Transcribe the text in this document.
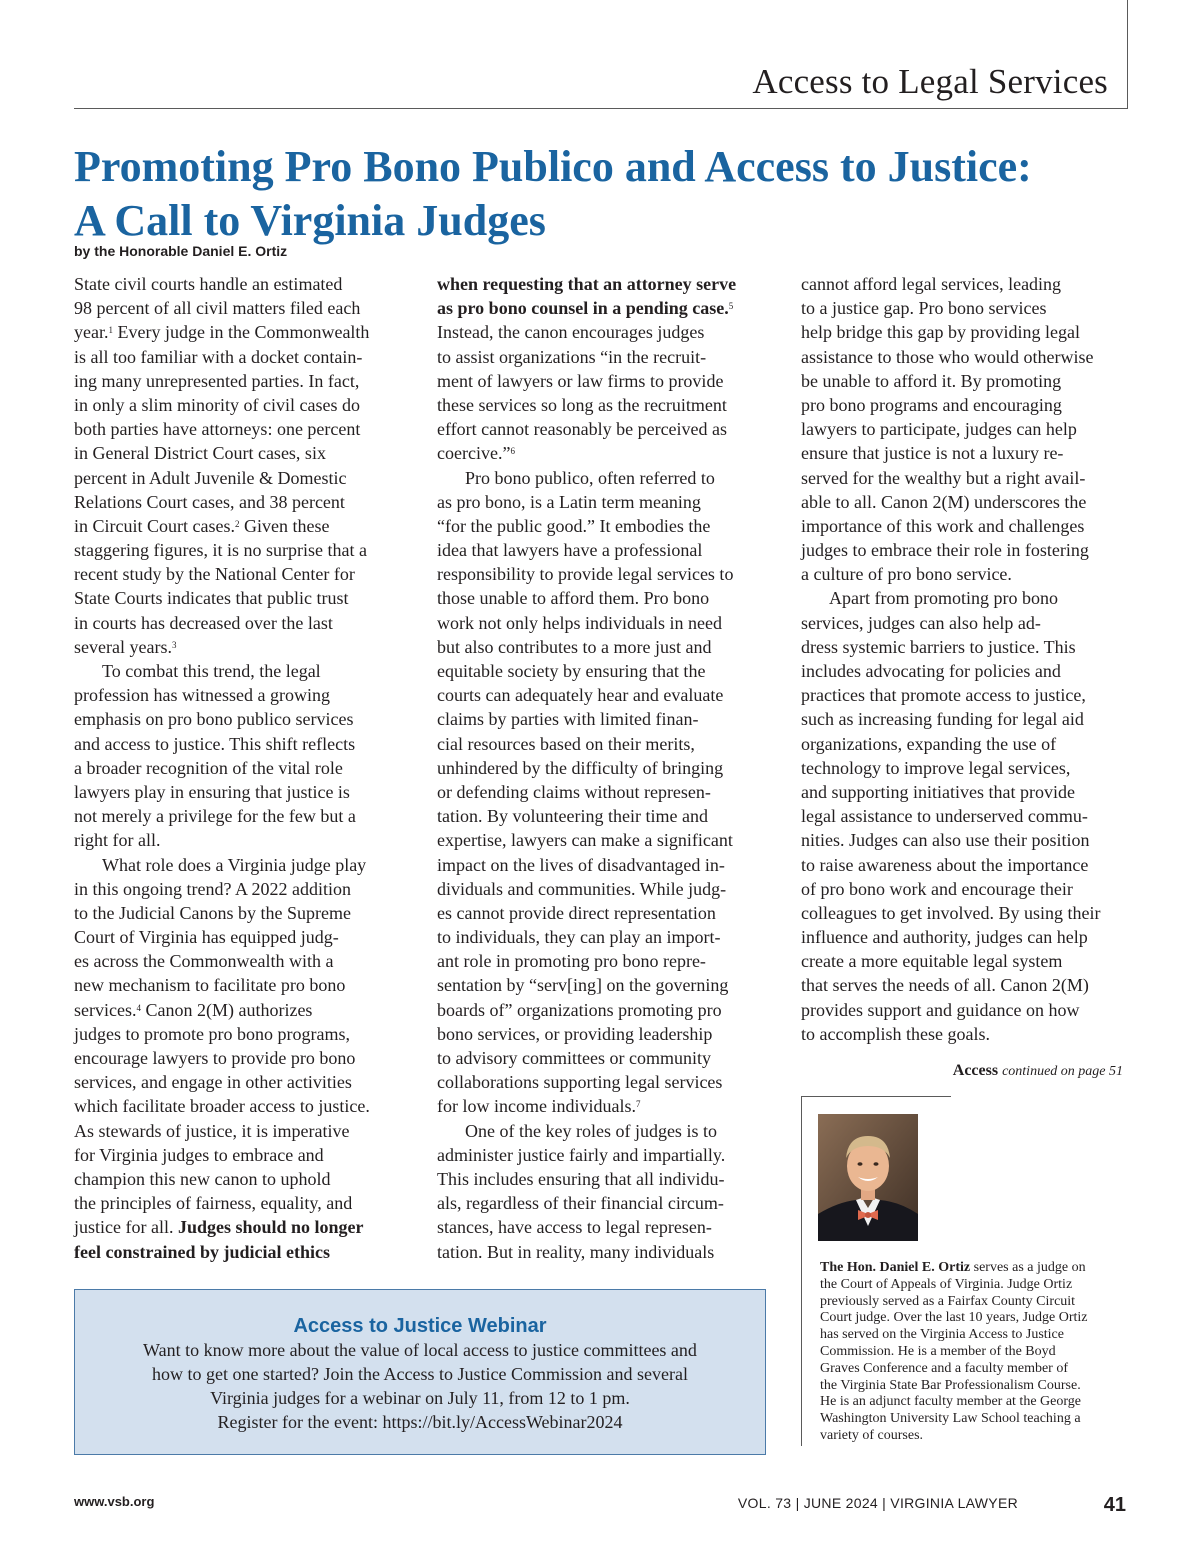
Access to Legal Services
Promoting Pro Bono Publico and Access to Justice:
A Call to Virginia Judges
by the Honorable Daniel E. Ortiz
State civil courts handle an estimated
98 percent of all civil matters filed each
year.$^1$ Every judge in the Commonwealth
is all too familiar with a docket contain-
ing many unrepresented parties. In fact,
in only a slim minority of civil cases do
both parties have attorneys: one percent
in General District Court cases, six
percent in Adult Juvenile & Domestic
Relations Court cases, and 38 percent
in Circuit Court cases.$^2$ Given these
staggering figures, it is no surprise that a
recent study by the National Center for
State Courts indicates that public trust
in courts has decreased over the last
several years.$^3$
To combat this trend, the legal
profession has witnessed a growing
emphasis on pro bono publico services
and access to justice. This shift reflects
a broader recognition of the vital role
lawyers play in ensuring that justice is
not merely a privilege for the few but a
right for all.
What role does a Virginia judge play
in this ongoing trend? A 2022 addition
to the Judicial Canons by the Supreme
Court of Virginia has equipped judg-
es across the Commonwealth with a
new mechanism to facilitate pro bono
services.$^4$ Canon 2(M) authorizes
judges to promote pro bono programs,
encourage lawyers to provide pro bono
services, and engage in other activities
which facilitate broader access to justice.
As stewards of justice, it is imperative
for Virginia judges to embrace and
champion this new canon to uphold
the principles of fairness, equality, and
justice for all. Judges should no longer
feel constrained by judicial ethics
when requesting that an attorney serve
as pro bono counsel in a pending case.$^5$
Instead, the canon encourages judges
to assist organizations “in the recruit-
ment of lawyers or law firms to provide
these services so long as the recruitment
effort cannot reasonably be perceived as
coercive.”$^6$
Pro bono publico, often referred to
as pro bono, is a Latin term meaning
“for the public good.” It embodies the
idea that lawyers have a professional
responsibility to provide legal services to
those unable to afford them. Pro bono
work not only helps individuals in need
but also contributes to a more just and
equitable society by ensuring that the
courts can adequately hear and evaluate
claims by parties with limited finan-
cial resources based on their merits,
unhindered by the difficulty of bringing
or defending claims without represen-
tation. By volunteering their time and
expertise, lawyers can make a significant
impact on the lives of disadvantaged in-
dividuals and communities. While judg-
es cannot provide direct representation
to individuals, they can play an import-
ant role in promoting pro bono repre-
sentation by “serv[ing] on the governing
boards of” organizations promoting pro
bono services, or providing leadership
to advisory committees or community
collaborations supporting legal services
for low income individuals.$^7$
One of the key roles of judges is to
administer justice fairly and impartially.
This includes ensuring that all individu-
als, regardless of their financial circum-
stances, have access to legal represen-
tation. But in reality, many individuals
cannot afford legal services, leading
to a justice gap. Pro bono services
help bridge this gap by providing legal
assistance to those who would otherwise
be unable to afford it. By promoting
pro bono programs and encouraging
lawyers to participate, judges can help
ensure that justice is not a luxury re-
served for the wealthy but a right avail-
able to all. Canon 2(M) underscores the
importance of this work and challenges
judges to embrace their role in fostering
a culture of pro bono service.
Apart from promoting pro bono
services, judges can also help ad-
dress systemic barriers to justice. This
includes advocating for policies and
practices that promote access to justice,
such as increasing funding for legal aid
organizations, expanding the use of
technology to improve legal services,
and supporting initiatives that provide
legal assistance to underserved commu-
nities. Judges can also use their position
to raise awareness about the importance
of pro bono work and encourage their
colleagues to get involved. By using their
influence and authority, judges can help
create a more equitable legal system
that serves the needs of all. Canon 2(M)
provides support and guidance on how
to accomplish these goals.
Access continued on page 51
The Hon. Daniel E. Ortiz serves as a judge on
the Court of Appeals of Virginia. Judge Ortiz
previously served as a Fairfax County Circuit
Court judge. Over the last 10 years, Judge Ortiz
has served on the Virginia Access to Justice
Commission. He is a member of the Boyd
Graves Conference and a faculty member of
the Virginia State Bar Professionalism Course.
He is an adjunct faculty member at the George
Washington University Law School teaching a
variety of courses.
Access to Justice Webinar
Want to know more about the value of local access to justice committees and
how to get one started? Join the Access to Justice Commission and several
Virginia judges for a webinar on July 11, from 12 to 1 pm.
Register for the event: https://bit.ly/AccessWebinar2024
www.vsb.org	VOL. 73 | JUNE 2024 | VIRGINIA LAWYER	41
